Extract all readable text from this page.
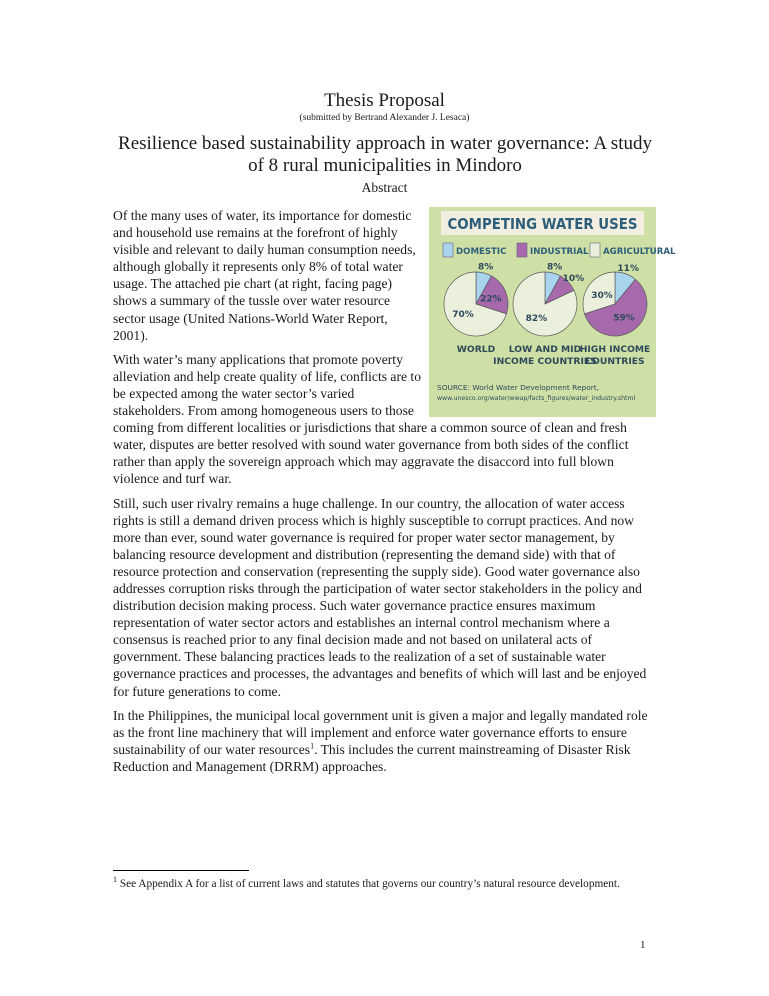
Thesis Proposal
(submitted by Bertrand Alexander J. Lesaca)
Resilience based sustainability approach in water governance: A study of 8 rural municipalities in Mindoro
Abstract

COMPETING WATER USES
DOMESTIC	INDUSTRIAL AGRICULTURAL
8%
22%
70%
WORLD
8%
10%
82%
LOW AND MID
INCOME COUNTRIES
11%
59%
30%
HIGH INCOME
COUNTRIES
SOURCE: World Water Development Report,
www.unesco.org/water/wwap/facts_figures/water_industry.shtml
Of the many uses of water, its importance for domestic and household use remains at the forefront of highly visible and relevant to daily human consumption needs, although globally it represents only 8% of total water usage. The attached pie chart (at right, facing page) shows a summary of the tussle over water resource sector usage (United Nations-World Water Report, 2001).

With water’s many applications that promote poverty alleviation and help create quality of life, conflicts are to be expected among the water sector’s varied stakeholders. From among homogeneous users to those coming from different localities or jurisdictions that share a common source of clean and fresh water, disputes are better resolved with sound water governance from both sides of the conflict rather than apply the sovereign approach which may aggravate the disaccord into full blown violence and turf war.

Still, such user rivalry remains a huge challenge. In our country, the allocation of water access rights is still a demand driven process which is highly susceptible to corrupt practices. And now more than ever, sound water governance is required for proper water sector management, by balancing resource development and distribution (representing the demand side) with that of resource protection and conservation (representing the supply side). Good water governance also addresses corruption risks through the participation of water sector stakeholders in the policy and distribution decision making process. Such water governance practice ensures maximum representation of water sector actors and establishes an internal control mechanism where a consensus is reached prior to any final decision made and not based on unilateral acts of government. These balancing practices leads to the realization of a set of sustainable water governance practices and processes, the advantages and benefits of which will last and be enjoyed for future generations to come.

In the Philippines, the municipal local government unit is given a major and legally mandated role as the front line machinery that will implement and enforce water governance efforts to ensure sustainability of our water resources$^1$. This includes the current mainstreaming of Disaster Risk Reduction and Management (DRRM) approaches.

$^1$ See Appendix A for a list of current laws and statutes that governs our country’s natural resource development.
1
